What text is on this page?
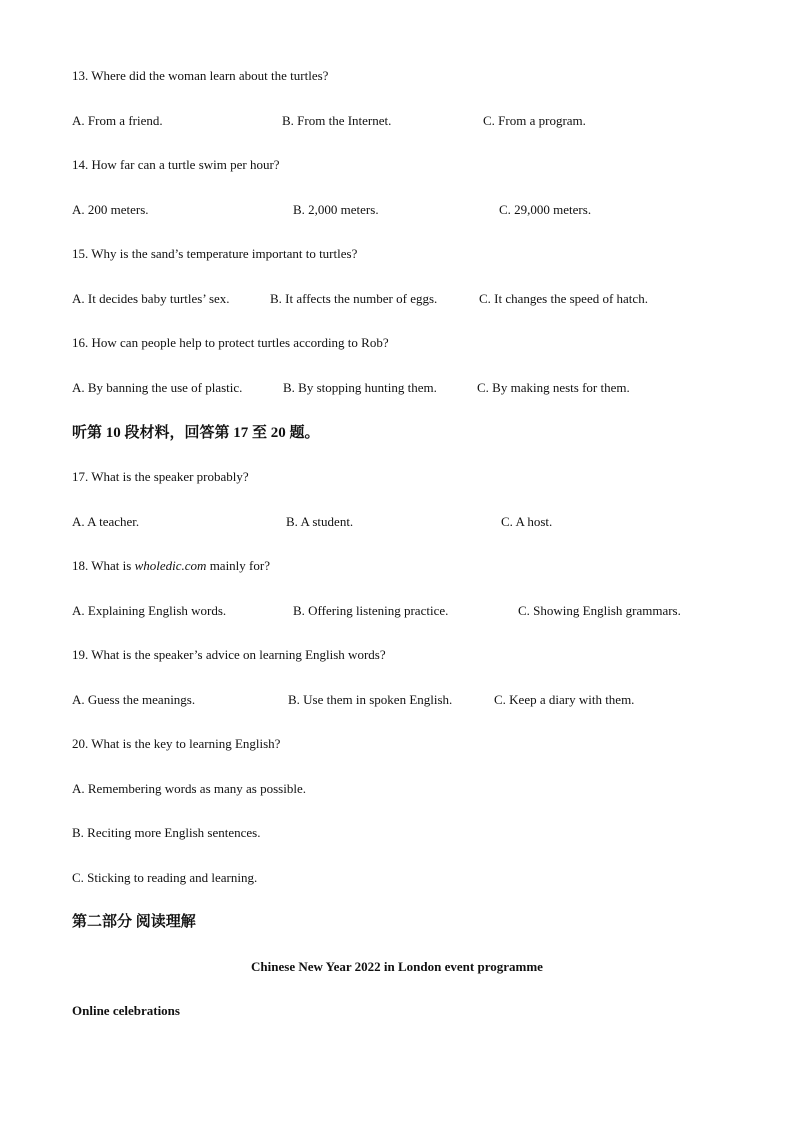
13. Where did the woman learn about the turtles?
A. From a friend.	B. From the Internet.	C. From a program.
14. How far can a turtle swim per hour?
A. 200 meters.	B. 2,000 meters.	C. 29,000 meters.
15. Why is the sand’s temperature important to turtles?
A. It decides baby turtles’ sex.	B. It affects the number of eggs.	C. It changes the speed of hatch.
16. How can people help to protect turtles according to Rob?
A. By banning the use of plastic.	B. By stopping hunting them.	C. By making nests for them.
听第 10 段材料，回答第 17 至 20 题。
17. What is the speaker probably?
A. A teacher.	B. A student.	C. A host.
18. What is wholedic.com mainly for?
A. Explaining English words.	B. Offering listening practice.	C. Showing English grammars.
19. What is the speaker’s advice on learning English words?
A. Guess the meanings.	B. Use them in spoken English.	C. Keep a diary with them.
20. What is the key to learning English?
A. Remembering words as many as possible.
B. Reciting more English sentences.
C. Sticking to reading and learning.
第二部分 阅读理解
Chinese New Year 2022 in London event programme
Online celebrations
